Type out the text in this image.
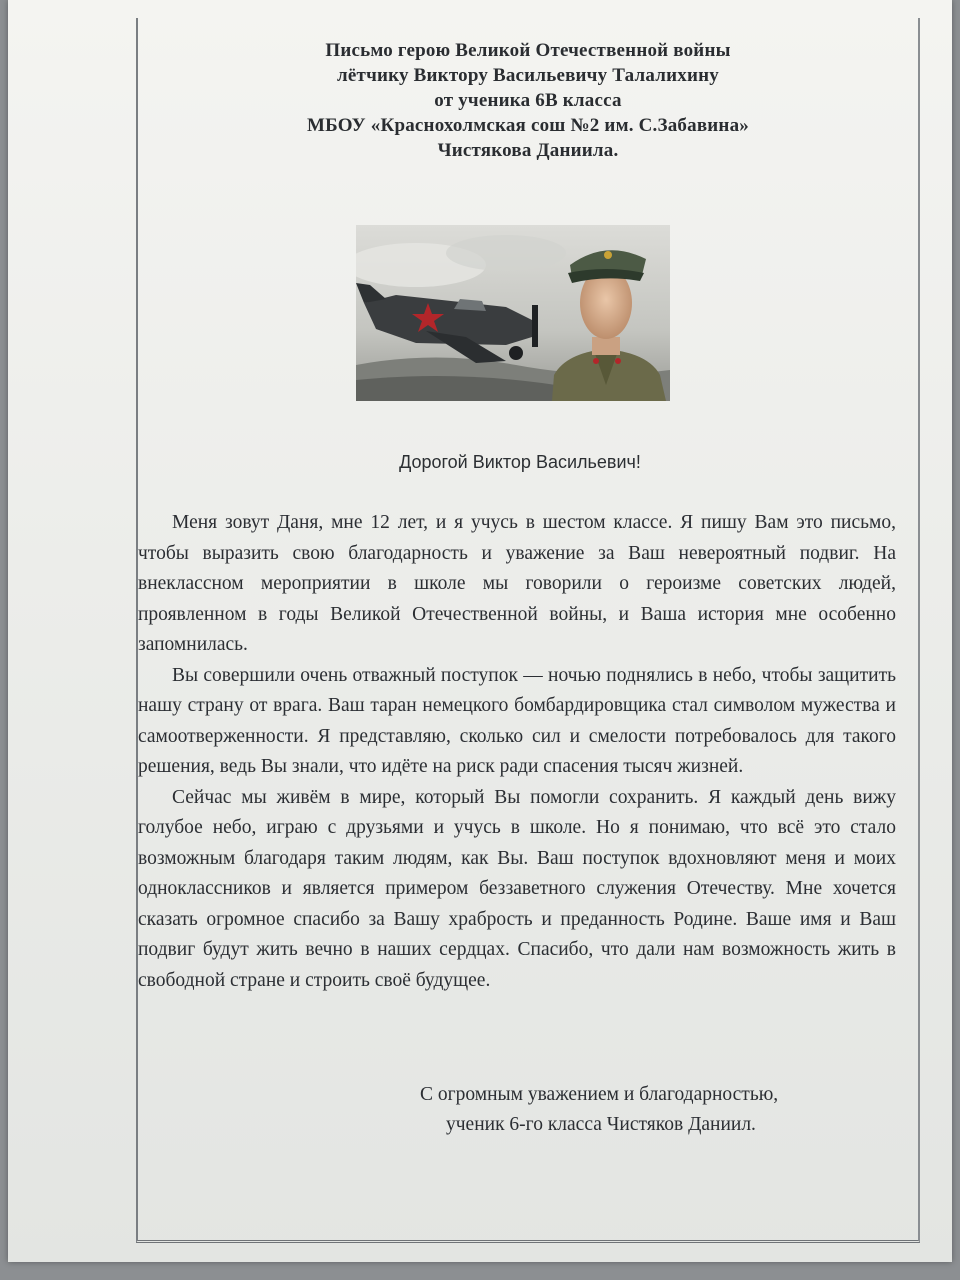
Письмо герою Великой Отечественной войны
лётчику Виктору Васильевичу Талалихину
от ученика 6В класса
МБОУ «Краснохолмская сош №2 им. С.Забавина»
Чистякова Даниила.
Дорогой Виктор Васильевич!

Меня зовут Даня, мне 12 лет, и я учусь в шестом классе. Я пишу Вам это письмо, чтобы выразить свою благодарность и уважение за Ваш невероятный подвиг. На внеклассном мероприятии в школе мы говорили о героизме советских людей, проявленном в годы Великой Отечественной войны, и Ваша история мне особенно запомнилась.

Вы совершили очень отважный поступок — ночью поднялись в небо, чтобы защитить нашу страну от врага. Ваш таран немецкого бомбардировщика стал символом мужества и самоотверженности. Я представляю, сколько сил и смелости потребовалось для такого решения, ведь Вы знали, что идёте на риск ради спасения тысяч жизней.

Сейчас мы живём в мире, который Вы помогли сохранить. Я каждый день вижу голубое небо, играю с друзьями и учусь в школе. Но я понимаю, что всё это стало возможным благодаря таким людям, как Вы. Ваш поступок вдохновляют меня и моих одноклассников и является примером беззаветного служения Отечеству. Мне хочется сказать огромное спасибо за Вашу храбрость и преданность Родине. Ваше имя и Ваш подвиг будут жить вечно в наших сердцах. Спасибо, что дали нам возможность жить в свободной стране и строить своё будущее.

С огромным уважением и благодарностью,
ученик 6-го класса Чистяков Даниил.
